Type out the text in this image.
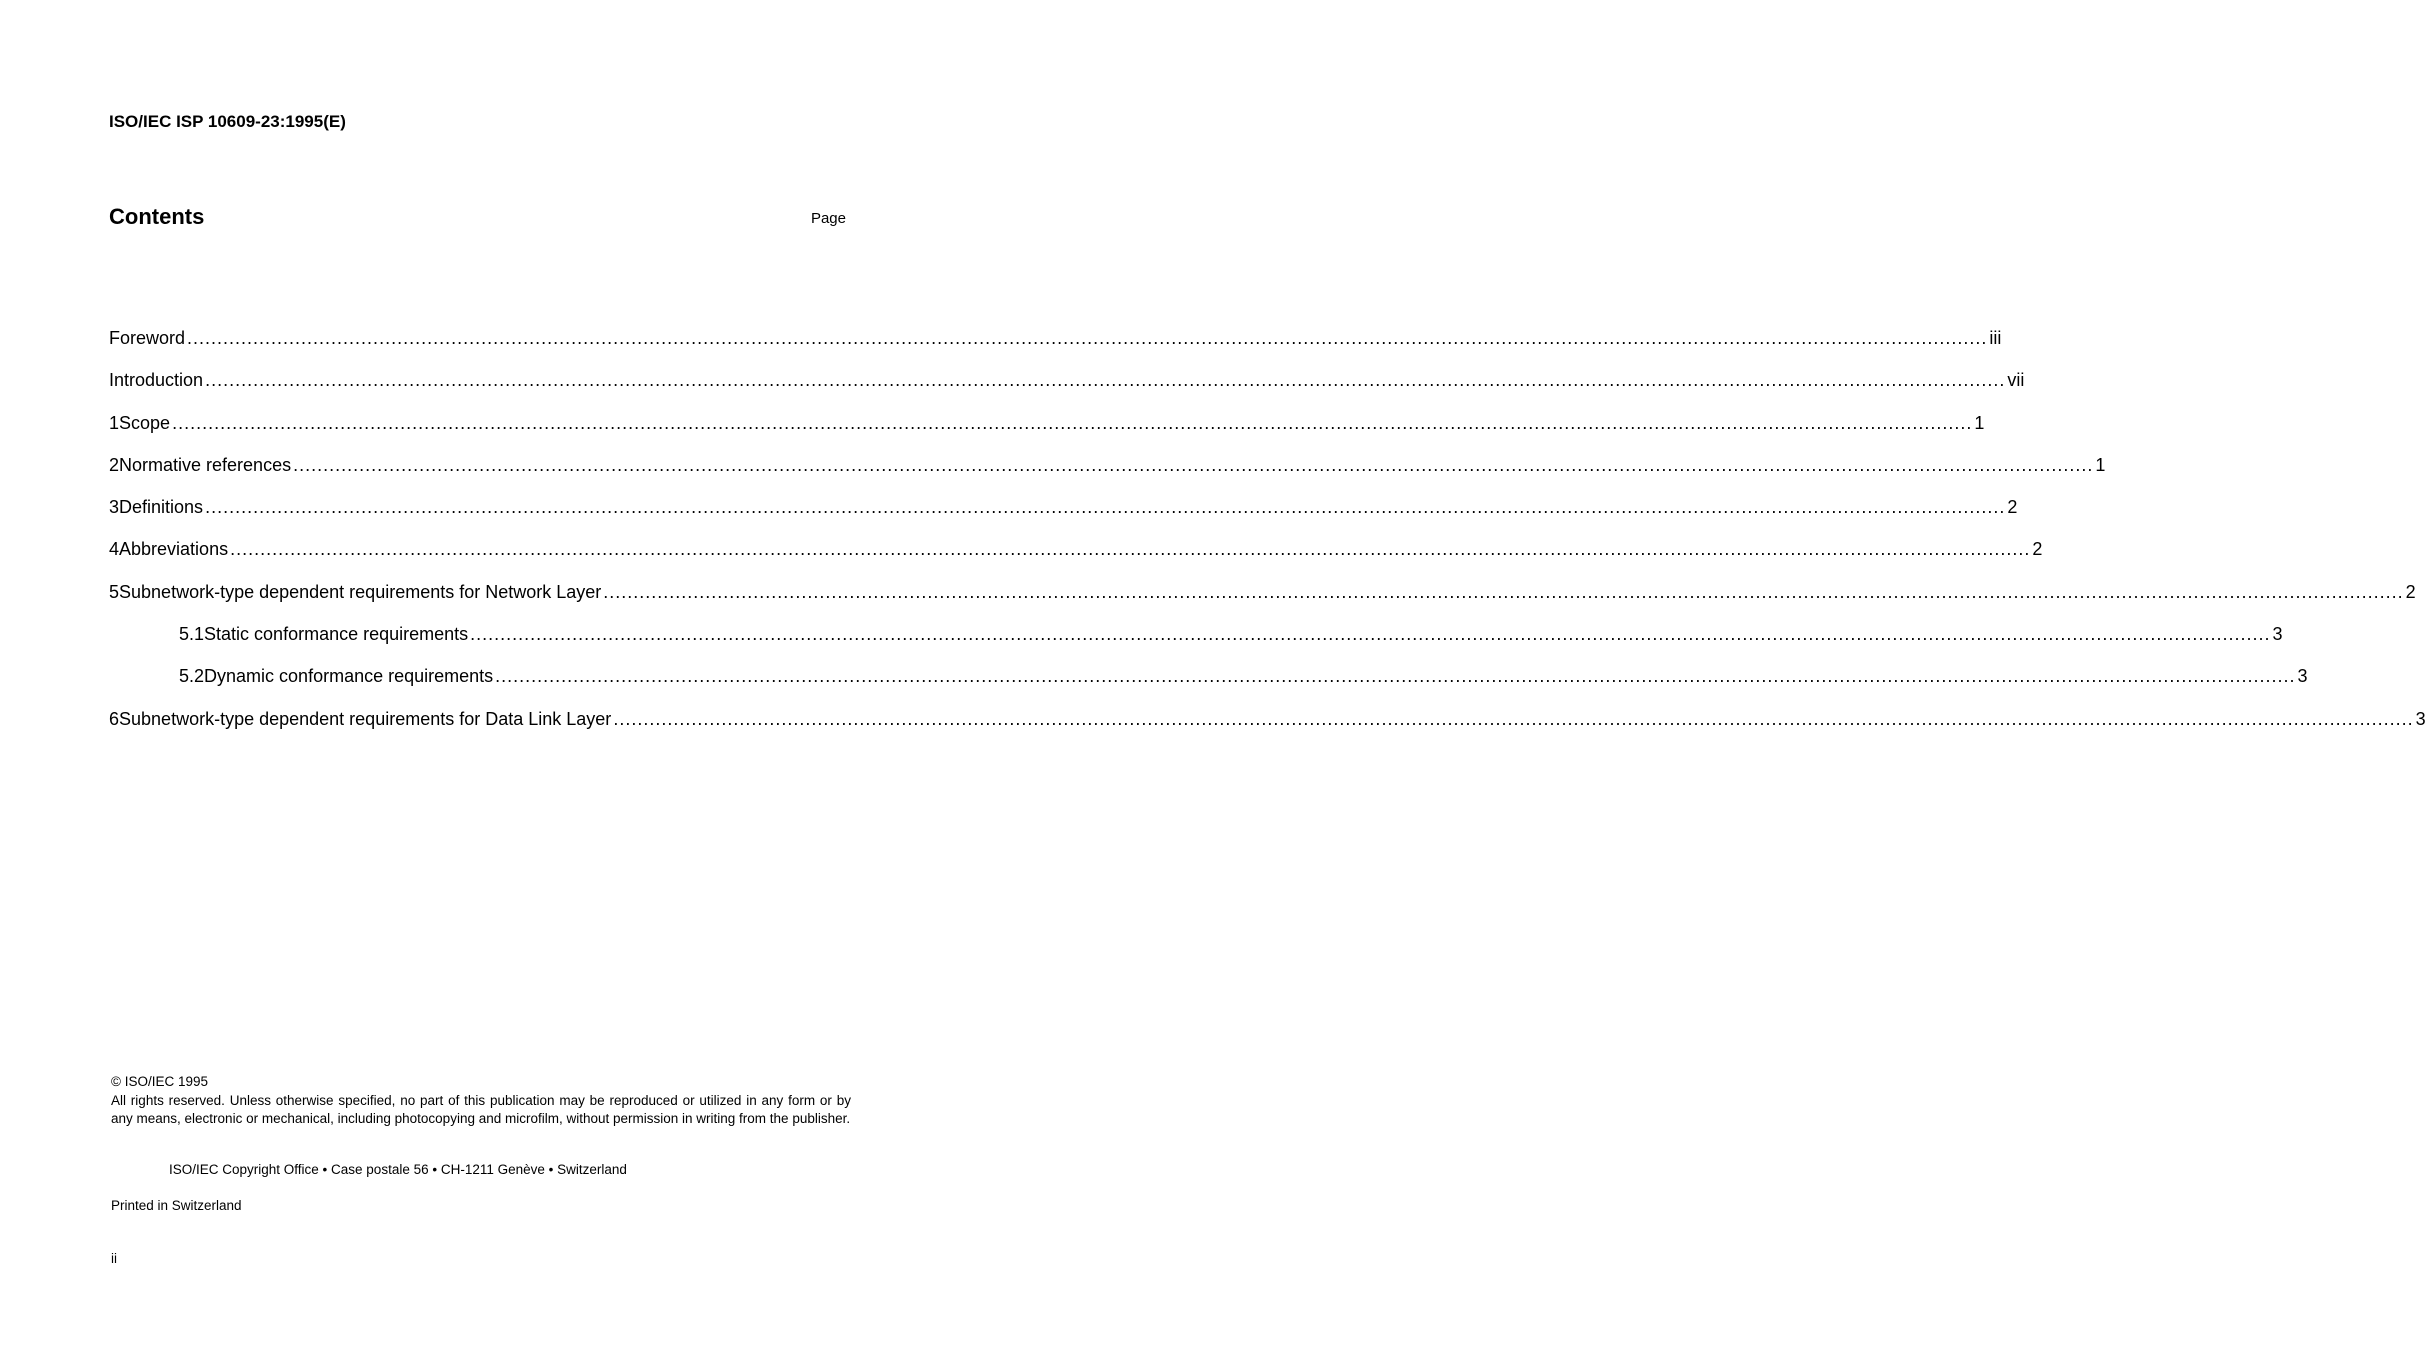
ISO/IEC ISP 10609-23:1995(E)
Contents	Page
Foreword ............................................................................................................................................................................................................................................................................................................ iii
Introduction ............................................................................................................................................................................................................................................................................................................ vii
1 Scope ............................................................................................................................................................................................................................................................................................................ 1
2 Normative references ............................................................................................................................................................................................................................................................................................................ 1
3 Definitions ............................................................................................................................................................................................................................................................................................................ 2
4 Abbreviations ............................................................................................................................................................................................................................................................................................................ 2
5 Subnetwork-type dependent requirements for Network Layer ............................................................................................................................................................................................................................................................................................................ 2
5.1 Static conformance requirements ............................................................................................................................................................................................................................................................................................................ 3
5.2 Dynamic conformance requirements ............................................................................................................................................................................................................................................................................................................ 3
6 Subnetwork-type dependent requirements for Data Link Layer ............................................................................................................................................................................................................................................................................................................ 3
© ISO/IEC 1995
All rights reserved. Unless otherwise specified, no part of this publication may be reproduced or utilized in any form or by any means, electronic or mechanical, including photocopying and microfilm, without permission in writing from the publisher.
ISO/IEC Copyright Office • Case postale 56 • CH-1211 Genève • Switzerland
Printed in Switzerland
ii
